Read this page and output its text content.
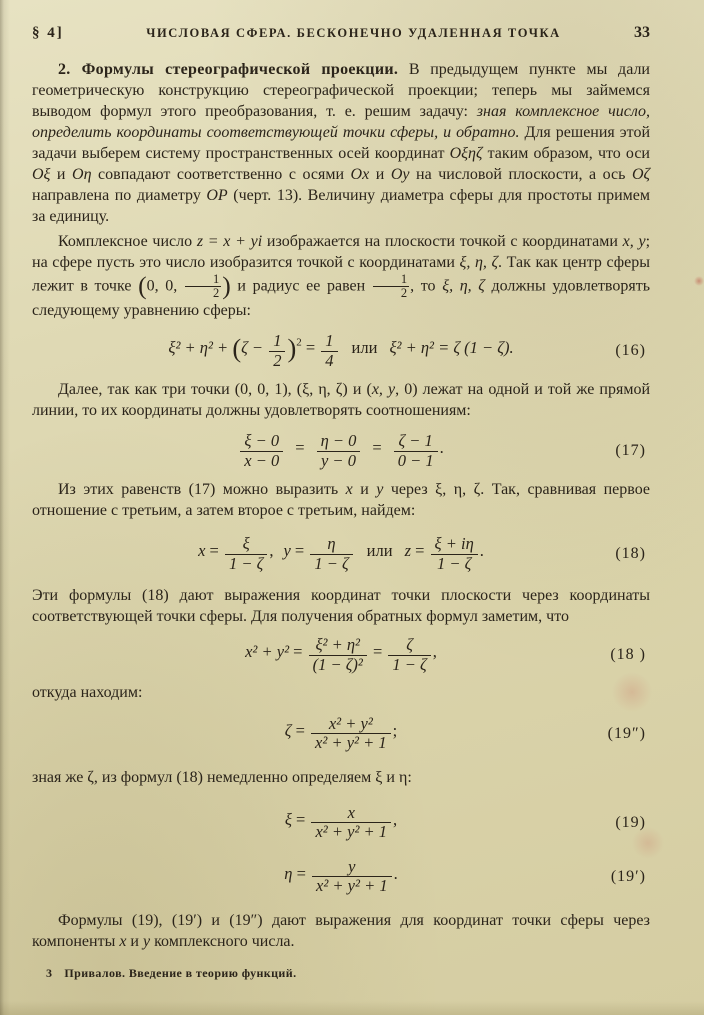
§ 4]	ЧИСЛОВАЯ СФЕРА. БЕСКОНЕЧНО УДАЛЕННАЯ ТОЧКА	33

2. Формулы стереографической проекции. В предыдущем пункте мы дали геометрическую конструкцию стереографической проекции; теперь мы займемся выводом формул этого преобразования, т. е. решим задачу: зная комплексное число, определить координаты соответствующей точки сферы, и обратно. Для решения этой задачи выберем систему пространственных осей координат Oξηζ таким образом, что оси Oξ и Oη совпадают соответственно с осями Ox и Oy на числовой плоскости, а ось Oζ направлена по диаметру OP (черт. 13). Величину диаметра сферы для простоты примем за единицу.

Комплексное число z = x + yi изображается на плоскости точкой с координатами x, y; на сфере пусть это число изобразится точкой с координатами ξ, η, ζ. Так как центр сферы лежит в точке (0, 0, $\frac{1}{2}$ ) и радиус ее равен $\frac{1}{2}$ , то ξ, η, ζ должны удовлетворять следующему уравнению сферы:

$\xi^2 + \eta^2 + (\zeta - \frac{1}{2} )^2 = \frac{1}{4}$ или ξ² + η² = ζ (1 − ζ).	(16)

Далее, так как три точки (0, 0, 1), (ξ, η, ζ) и (x, y, 0) лежат на одной и той же прямой линии, то их координаты должны удовлетворять соотношениям:

$\frac{\xi - 0}{x - 0} = \frac{\eta - 0}{y - 0} = \frac{\zeta - 1}{0 - 1}$ .	(17)

Из этих равенств (17) можно выразить x и y через ξ, η, ζ. Так, сравнивая первое отношение с третьим, а затем второе с третьим, найдем:

$x = \frac{\xi}{1 - \zeta}$ , $y = \frac{\eta}{1 - \zeta}$ или $z = \frac{\xi + i\eta}{1 - \zeta}$ .	(18)

Эти формулы (18) дают выражения координат точки плоскости через координаты соответствующей точки сферы. Для получения обратных формул заметим, что

$x^2 + y^2 = \frac{\text{ξ² + η²}}{\text{(1 − ζ)²}} = \frac{\zeta}{1 - \zeta}$ ,	(18 )

откуда находим:

$\zeta = \frac{\text{x² + y²}}{\text{x² + y² + 1}}$ ;	(19″)

зная же ζ, из формул (18) немедленно определяем ξ и η:

$\xi = \frac{x}{\text{x² + y² + 1}}$ ,	(19)
$\eta = \frac{y}{\text{x² + y² + 1}}$ .	(19′)

Формулы (19), (19′) и (19″) дают выражения для координат точки сферы через компоненты x и y комплексного числа.

3 Привалов. Введение в теорию функций.
